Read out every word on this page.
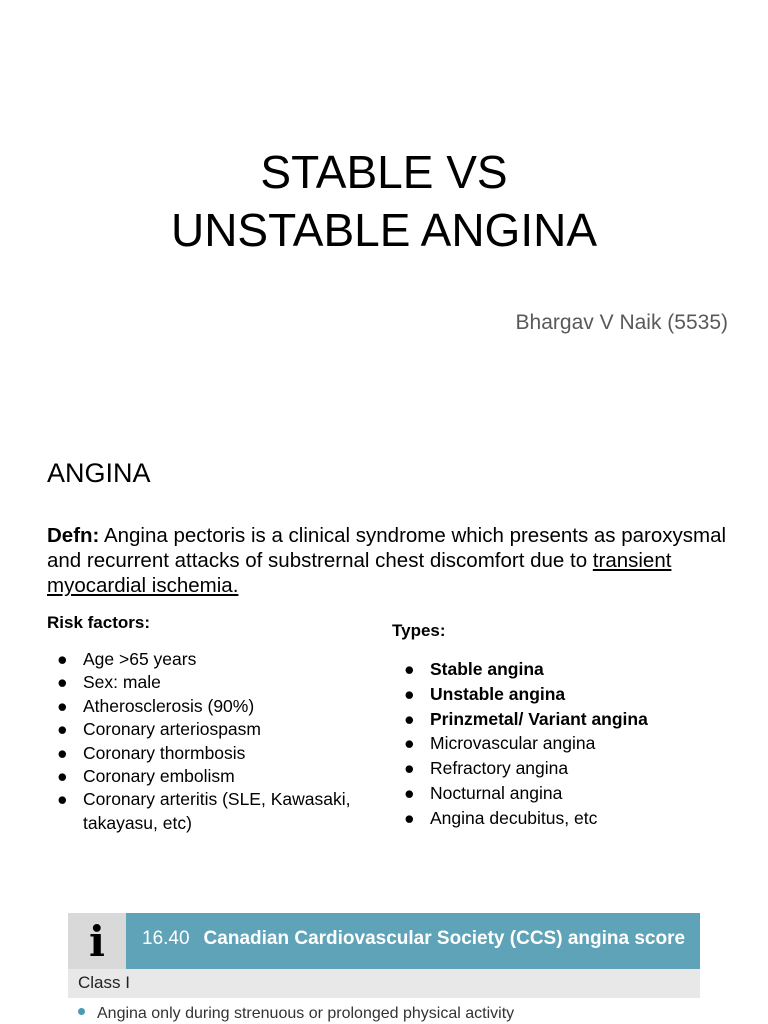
STABLE VS
UNSTABLE ANGINA
Bhargav V Naik (5535)
ANGINA

Defn: Angina pectoris is a clinical syndrome which presents as paroxysmal and recurrent attacks of substrernal chest discomfort due to transient myocardial ischemia.

Risk factors:
● Age >65 years
● Sex: male
● Atherosclerosis (90%)
● Coronary arteriospasm
● Coronary thormbosis
● Coronary embolism
● Coronary arteritis (SLE, Kawasaki, takayasu, etc)
Types:
● Stable angina
● Unstable angina
● Prinzmetal/ Variant angina
● Microvascular angina
● Refractory angina
● Nocturnal angina
● Angina decubitus, etc
i 16.40 Canadian Cardiovascular Society (CCS) angina score
Class I
Angina only during strenuous or prolonged physical activity
